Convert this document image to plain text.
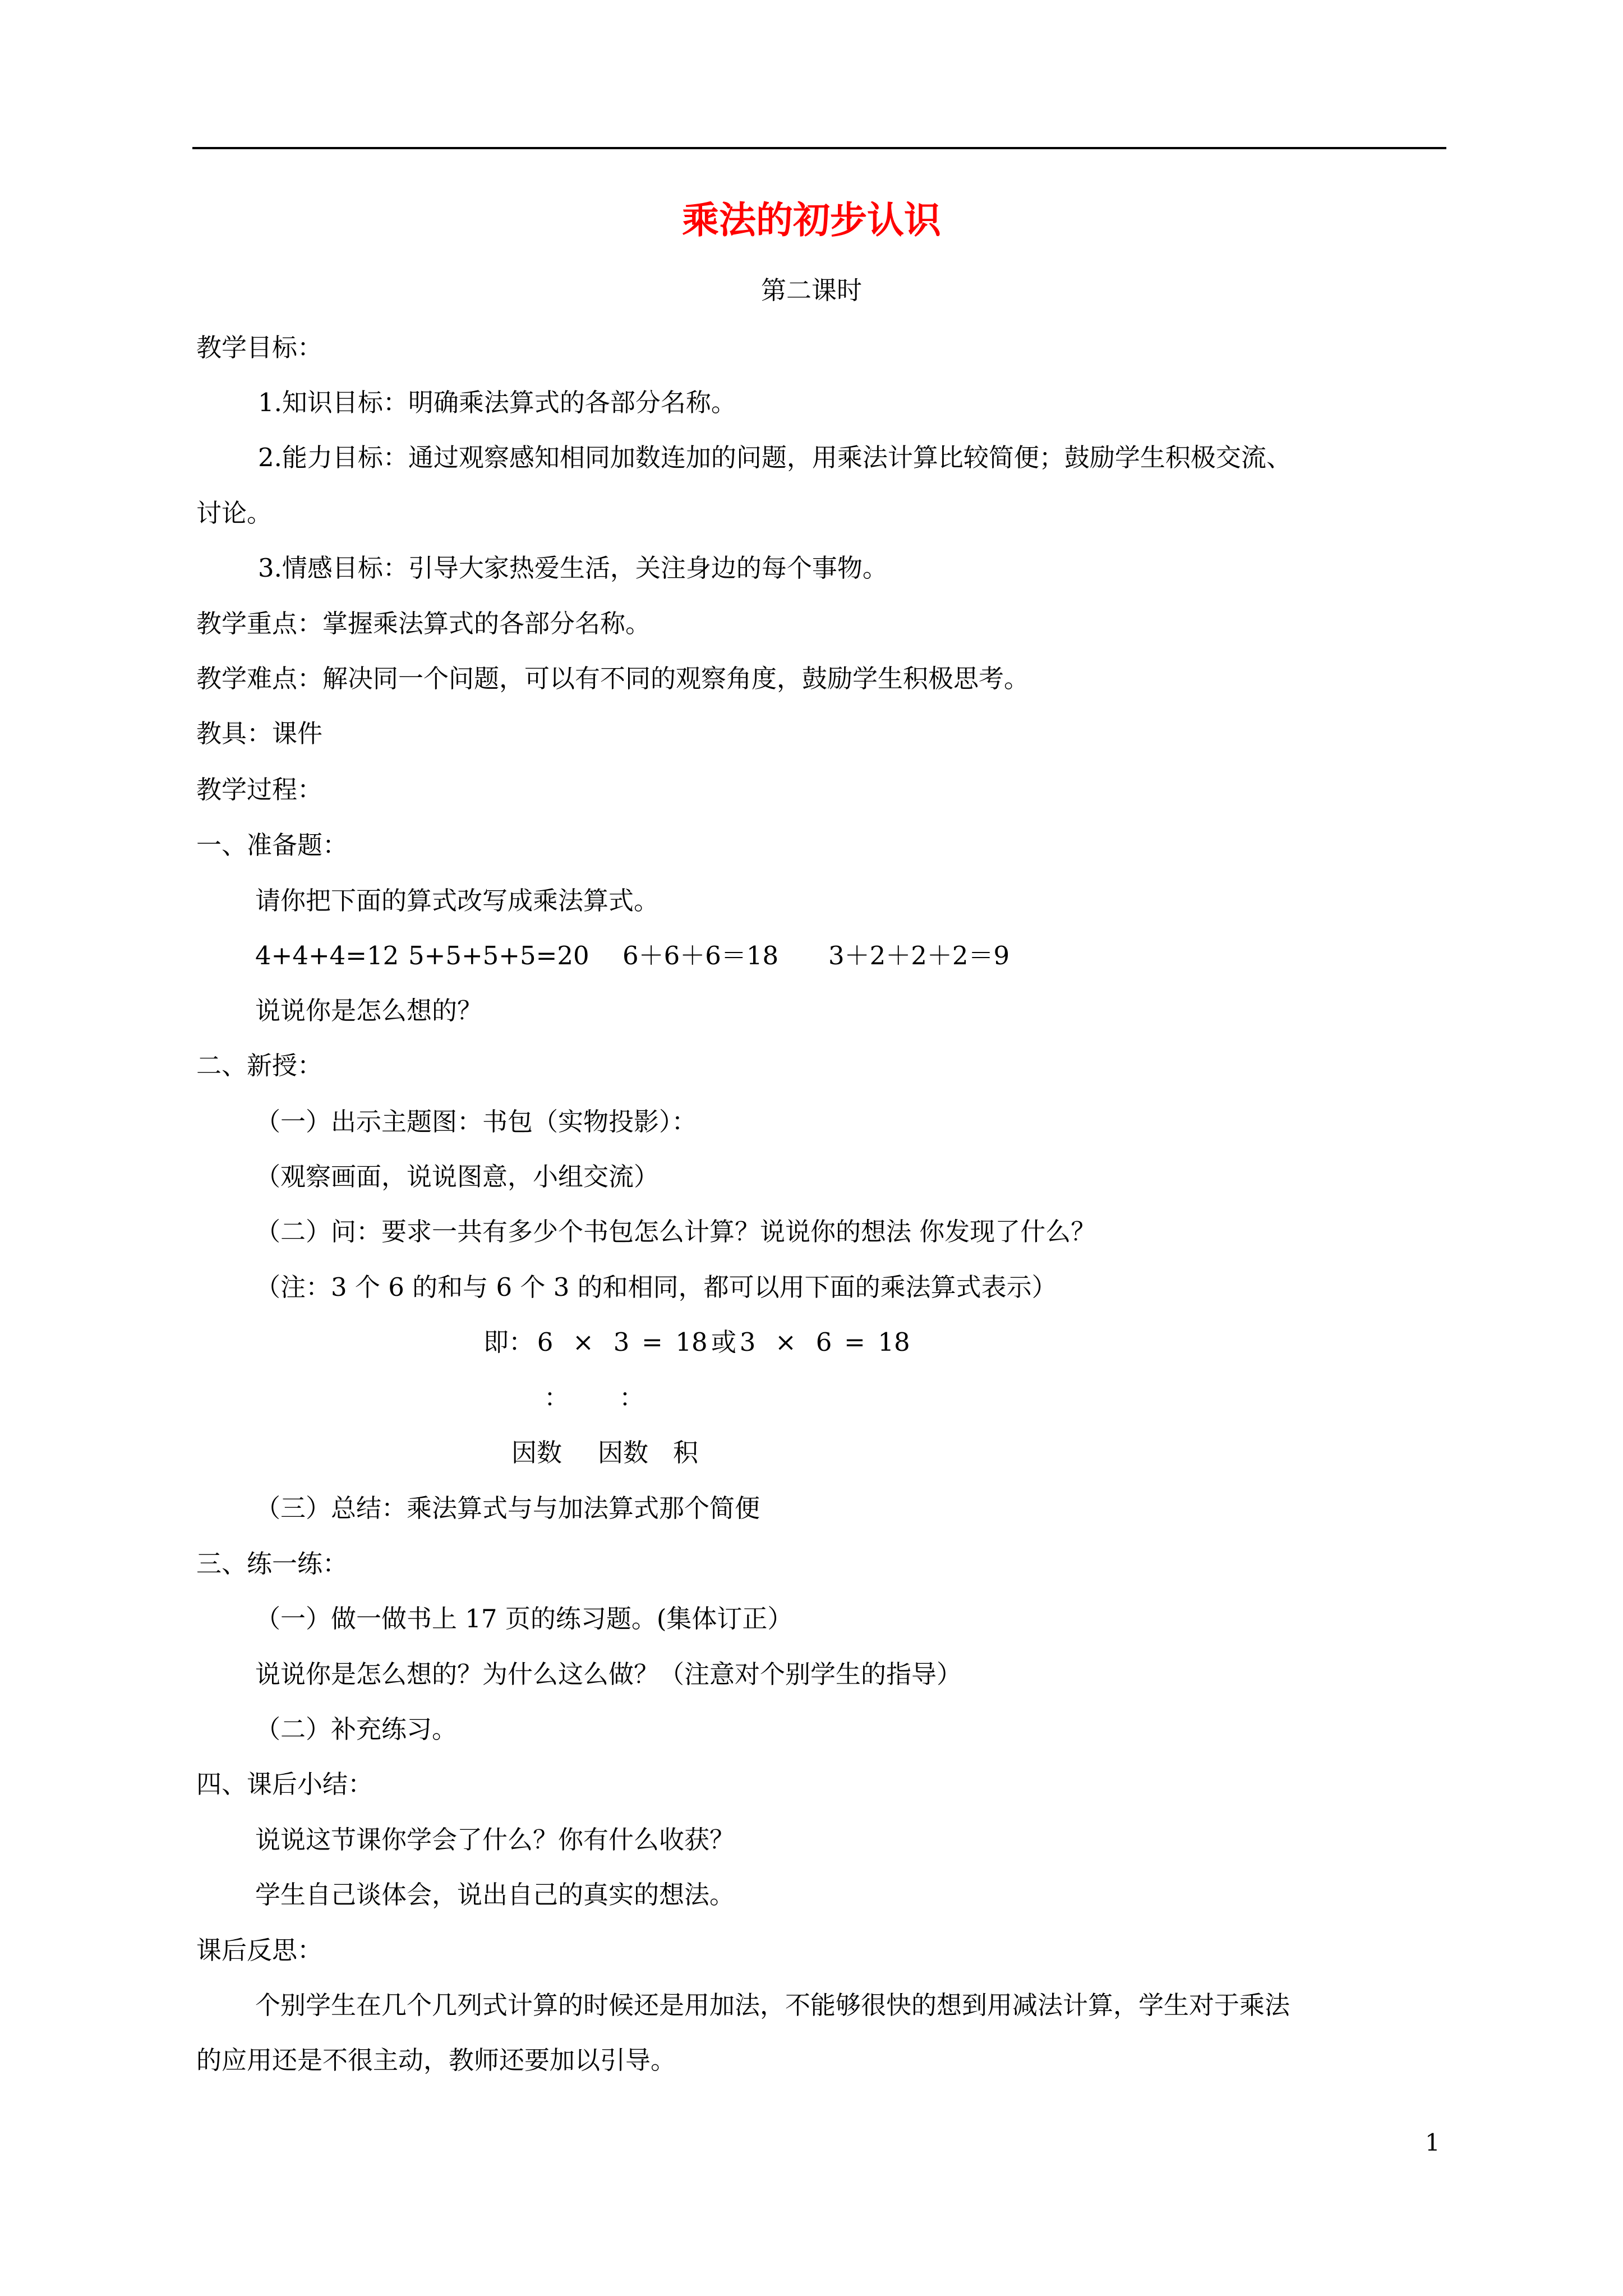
乘法的初步认识
第二课时
教学目标：
1.知识目标：明确乘法算式的各部分名称。
2.能力目标：通过观察感知相同加数连加的问题，用乘法计算比较简便；鼓励学生积极交流、
讨论。
3.情感目标：引导大家热爱生活，关注身边的每个事物。
教学重点：掌握乘法算式的各部分名称。
教学难点：解决同一个问题，可以有不同的观察角度，鼓励学生积极思考。
教具：课件
教学过程：
一、准备题：
请你把下面的算式改写成乘法算式。
4+4+4=12 5+5+5+5=20 6＋6＋6＝18 3＋2＋2＋2＝9
说说你是怎么想的？
二、新授：
（一）出示主题图：书包（实物投影）：
（观察画面，说说图意，小组交流）
（二）问：要求一共有多少个书包怎么计算？说说你的想法 你发现了什么？
（注：3 个 6 的和与 6 个 3 的和相同，都可以用下面的乘法算式表示）
即： 6 × 3 = 18 或 3 × 6 = 18
： ：
因数 因数 积
（三）总结：乘法算式与与加法算式那个简便
三、练一练：
（一）做一做书上 17 页的练习题。(集体订正）
说说你是怎么想的？为什么这么做？（注意对个别学生的指导）
（二）补充练习。
四、课后小结：
说说这节课你学会了什么？你有什么收获？
学生自己谈体会，说出自己的真实的想法。
课后反思：
个别学生在几个几列式计算的时候还是用加法，不能够很快的想到用减法计算，学生对于乘法
的应用还是不很主动，教师还要加以引导。
1
